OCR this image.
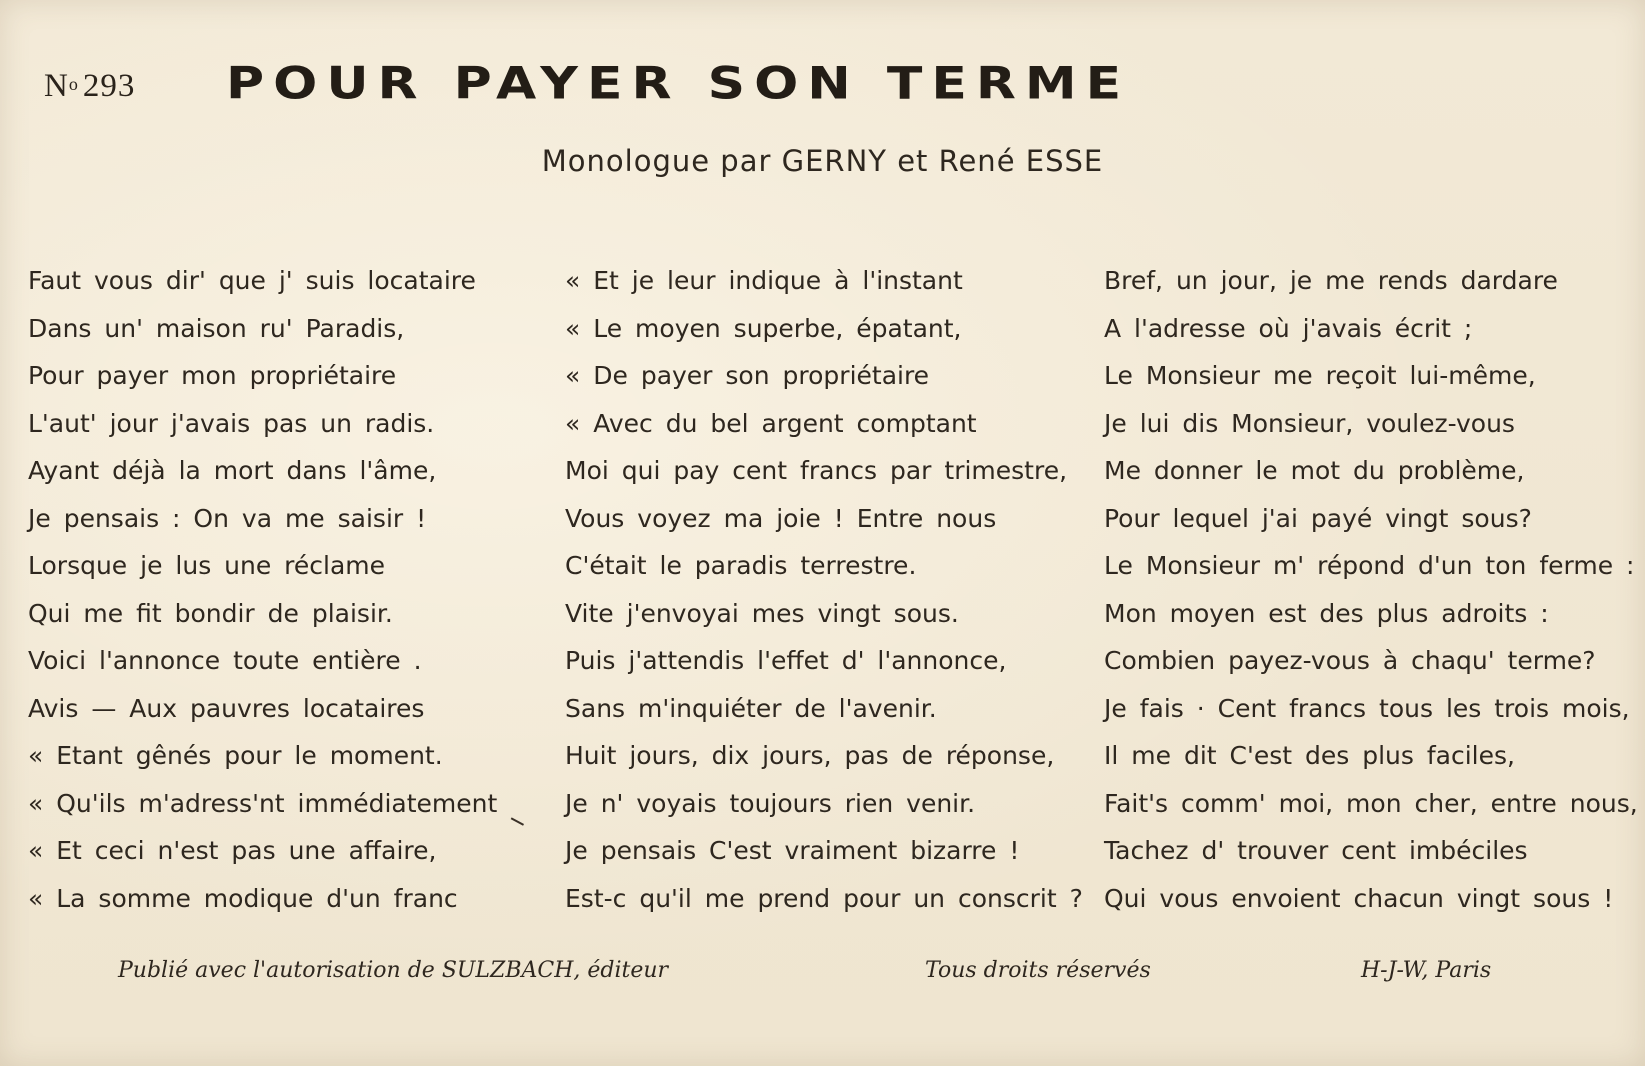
$N^o$ 293 POUR PAYER SON TERME
Monologue par GERNY et René ESSE
Faut vous dir' que j' suis locataire
Dans un' maison ru' Paradis,
Pour payer mon propriétaire
L'aut' jour j'avais pas un radis.
Ayant déjà la mort dans l'âme,
Je pensais : On va me saisir !
Lorsque je lus une réclame
Qui me fit bondir de plaisir.
Voici l'annonce toute entière .
Avis — Aux pauvres locataires
« Etant gênés pour le moment.
« Qu'ils m'adress'nt immédiatement
« Et ceci n'est pas une affaire,
« La somme modique d'un franc
« Et je leur indique à l'instant
« Le moyen superbe, épatant,
« De payer son propriétaire
« Avec du bel argent comptant
Moi qui pay cent francs par trimestre,
Vous voyez ma joie ! Entre nous
C'était le paradis terrestre.
Vite j'envoyai mes vingt sous.
Puis j'attendis l'effet d' l'annonce,
Sans m'inquiéter de l'avenir.
Huit jours, dix jours, pas de réponse,
Je n' voyais toujours rien venir.
Je pensais C'est vraiment bizarre !
Est-c qu'il me prend pour un conscrit ?
Bref, un jour, je me rends dardare
A l'adresse où j'avais écrit ;
Le Monsieur me reçoit lui-même,
Je lui dis Monsieur, voulez-vous
Me donner le mot du problème,
Pour lequel j'ai payé vingt sous?
Le Monsieur m' répond d'un ton ferme :
Mon moyen est des plus adroits :
Combien payez-vous à chaqu' terme?
Je fais · Cent francs tous les trois mois,
Il me dit C'est des plus faciles,
Fait's comm' moi, mon cher, entre nous,
Tachez d' trouver cent imbéciles
Qui vous envoient chacun vingt sous !
Publié avec l'autorisation de SULZBACH, éditeur	Tous droits réservés	H-J-W, Paris
